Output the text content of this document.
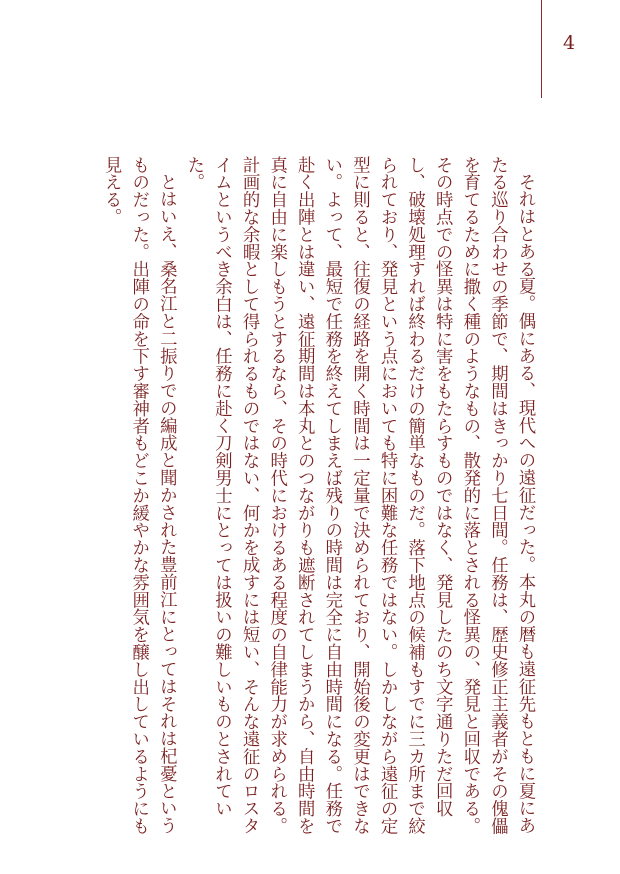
4

それはとある夏。偶にある、現代への遠征だった。本丸の暦も遠征先もともに夏にあたる巡り合わせの季節で、期間はきっかり七日間。任務は、歴史修正主義者がその傀儡を育てるために撒く種のようなもの、散発的に落とされる怪異の、発見と回収である。その時点での怪異は特に害をもたらすものではなく、発見したのち文字通りただ回収し、破壊処理すれば終わるだけの簡単なものだ。落下地点の候補もすでに三カ所まで絞られており、発見という点においても特に困難な任務ではない。しかしながら遠征の定型に則ると、往復の経路を開く時間は一定量で決められており、開始後の変更はできない。よって、最短で任務を終えてしまえば残りの時間は完全に自由時間になる。任務で赴く出陣とは違い、遠征期間は本丸とのつながりも遮断されてしまうから、自由時間を真に自由に楽しもうとするなら、その時代におけるある程度の自律能力が求められる。計画的な余暇として得られるものではない、何かを成すには短い、そんな遠征のロスタイムというべき余白は、任務に赴く刀剣男士にとっては扱いの難しいものとされていた。

とはいえ、桑名江と二振りでの編成と聞かされた豊前江にとってはそれは杞憂というものだった。出陣の命を下す審神者もどこか緩やかな雰囲気を醸し出しているようにも見える。
